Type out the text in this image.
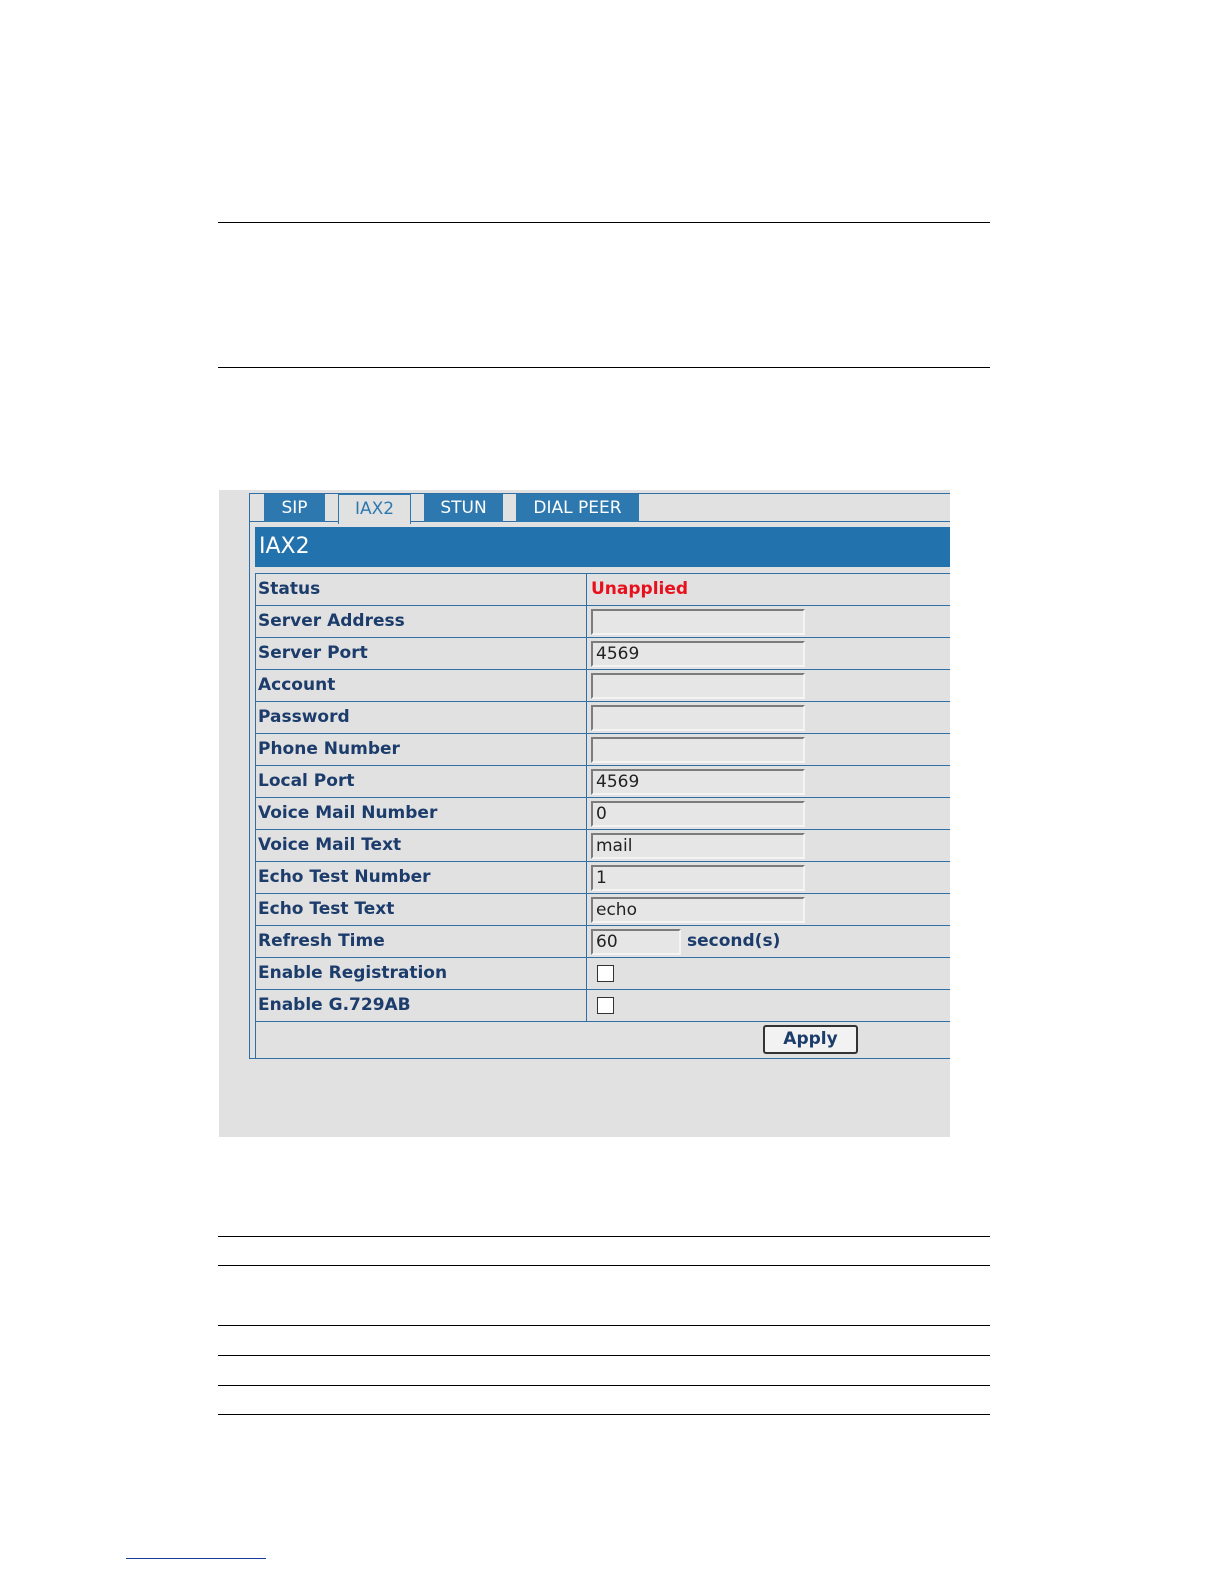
SIP	IAX2	STUN	DIAL PEER
IAX2
Status	Unapplied
Server Address
Server Port	4569
Account
Password
Phone Number
Local Port	4569
Voice Mail Number	0
Voice Mail Text	mail
Echo Test Number	1
Echo Test Text	echo
Refresh Time	60	second(s)
Enable Registration
Enable G.729AB
Apply
